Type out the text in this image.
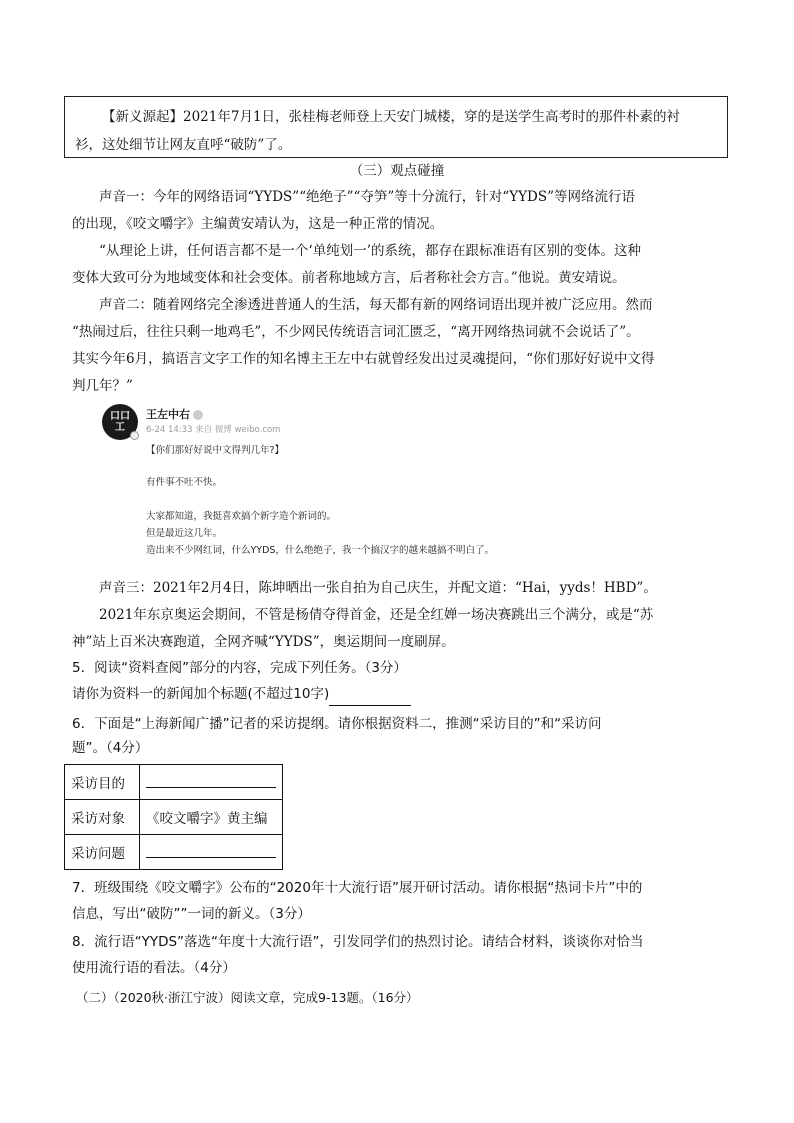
【新义源起】2021年7月1日，张桂梅老师登上天安门城楼，穿的是送学生高考时的那件朴素的衬

衫，这处细节让网友直呼“破防”了。

（三）观点碰撞

声音一：今年的网络语词“YYDS”“绝绝子”“夺笋”等十分流行，针对“YYDS”等网络流行语

的出现，《咬文嚼字》主编黄安靖认为，这是一种正常的情况。

“从理论上讲，任何语言都不是一个‘单纯划一’的系统，都存在跟标准语有区别的变体。这种

变体大致可分为地域变体和社会变体。前者称地域方言，后者称社会方言。”他说。黄安靖说。

声音二：随着网络完全渗透进普通人的生活，每天都有新的网络词语出现并被广泛应用。然而

“热闹过后，往往只剩一地鸡毛”，不少网民传统语言词汇匮乏，“离开网络热词就不会说话了”。

其实今年6月，搞语言文字工作的知名博主王左中右就曾经发出过灵魂提问，“你们那好好说中文得

判几年？”

口口
工
王左中右
6-24 14:33 来自 微博 weibo.com
【你们那好好说中文得判几年?】
有件事不吐不快。
大家都知道，我挺喜欢搞个新字造个新词的。
但是最近这几年。
造出来不少网红词，什么YYDS，什么绝绝子，我一个搞汉字的越来越搞不明白了。

声音三：2021年2月4日，陈坤晒出一张自拍为自己庆生，并配文道：“Hai，yyds！HBD”。

2021年东京奥运会期间，不管是杨倩夺得首金，还是全红婵一场决赛跳出三个满分，或是“苏

神”站上百米决赛跑道，全网齐喊“YYDS”，奥运期间一度刷屏。

5．阅读“资料查阅”部分的内容，完成下列任务。（3分）

请你为资料一的新闻加个标题(不超过10字)

6．下面是“上海新闻广播”记者的采访提纲。请你根据资料二，推测“采访目的”和“采访问

题”。（4分）

采访目的	
采访对象	《咬文嚼字》黄主编
采访问题	

7．班级围绕《咬文嚼字》公布的“2020年十大流行语”展开研讨活动。请你根据“热词卡片”中的

信息，写出“破防””一词的新义。（3分）

8．流行语“YYDS”落选“年度十大流行语”，引发同学们的热烈讨论。请结合材料，谈谈你对恰当

使用流行语的看法。（4分）

（二）（2020秋·浙江宁波）阅读文章，完成9-13题。（16分）
